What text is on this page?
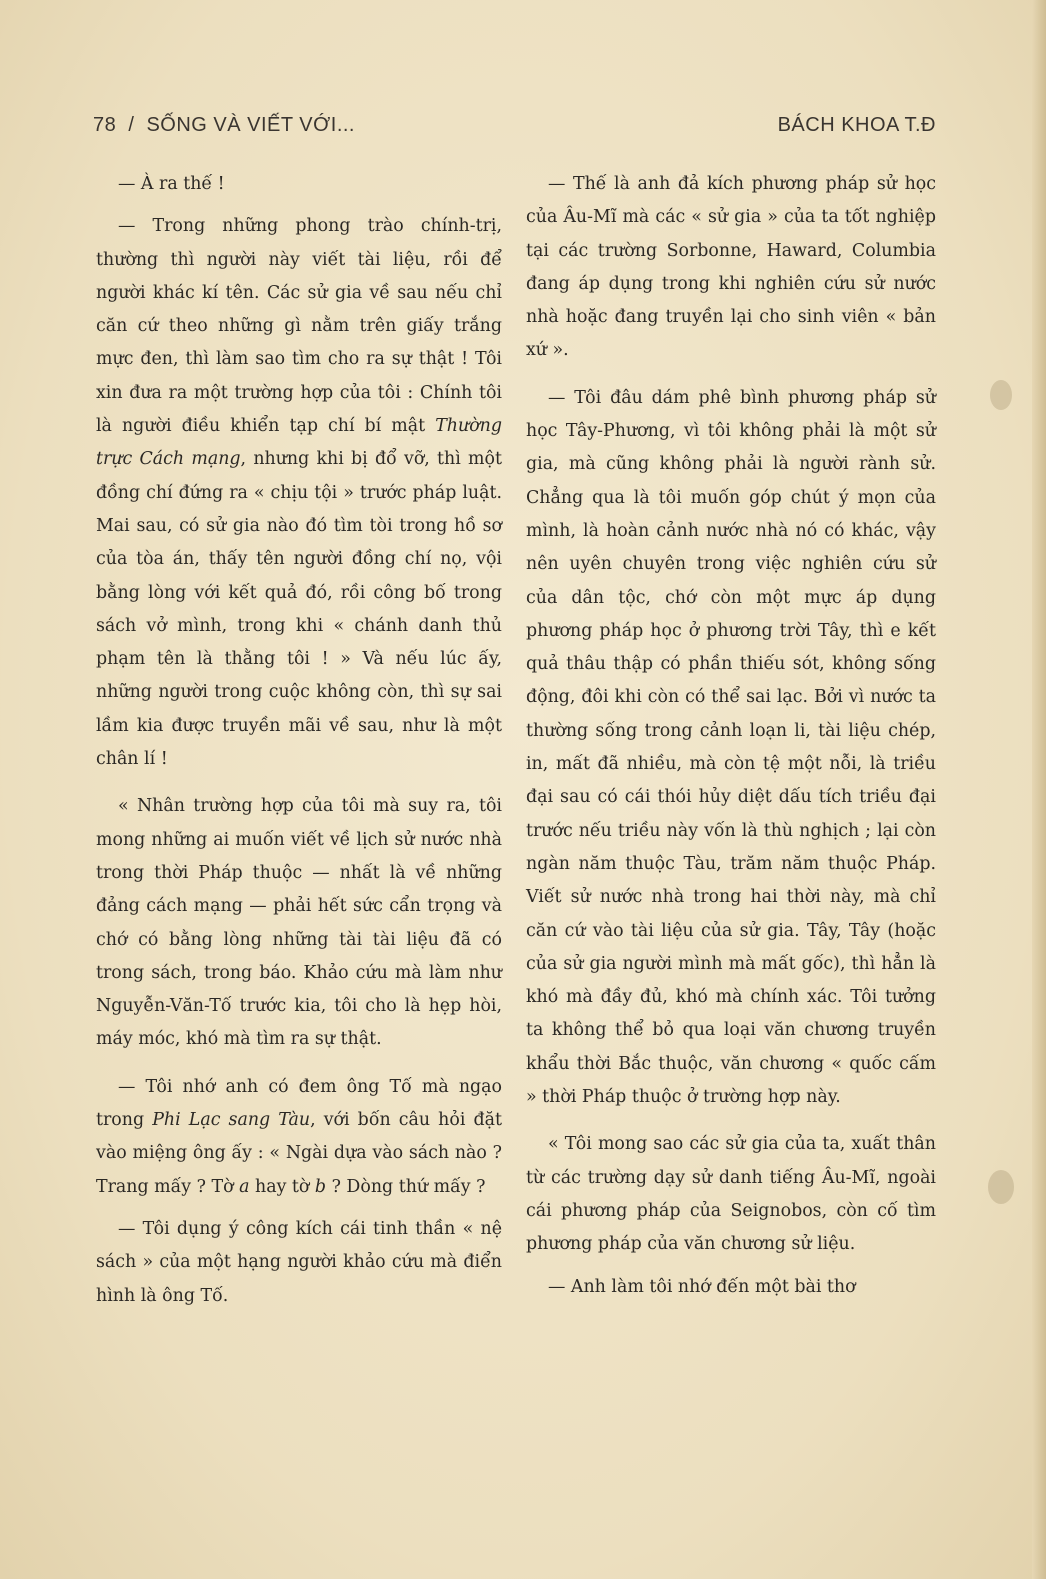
78 / SỐNG VÀ VIẾT VỚI...	BÁCH KHOA T.Đ

— À ra thế !

— Trong những phong trào chính-trị, thường thì người này viết tài liệu, rồi để người khác kí tên. Các sử gia về sau nếu chỉ căn cứ theo những gì nằm trên giấy trắng mực đen, thì làm sao tìm cho ra sự thật ! Tôi xin đưa ra một trường hợp của tôi : Chính tôi là người điều khiển tạp chí bí mật Thường trực Cách mạng, nhưng khi bị đổ vỡ, thì một đồng chí đứng ra « chịu tội » trước pháp luật. Mai sau, có sử gia nào đó tìm tòi trong hồ sơ của tòa án, thấy tên người đồng chí nọ, vội bằng lòng với kết quả đó, rồi công bố trong sách vở mình, trong khi « chánh danh thủ phạm tên là thằng tôi ! » Và nếu lúc ấy, những người trong cuộc không còn, thì sự sai lầm kia được truyền mãi về sau, như là một chân lí !

« Nhân trường hợp của tôi mà suy ra, tôi mong những ai muốn viết về lịch sử nước nhà trong thời Pháp thuộc — nhất là về những đảng cách mạng — phải hết sức cẩn trọng và chớ có bằng lòng những tài tài liệu đã có trong sách, trong báo. Khảo cứu mà làm như Nguyễn-Văn-Tố trước kia, tôi cho là hẹp hòi, máy móc, khó mà tìm ra sự thật.

— Tôi nhớ anh có đem ông Tố mà ngạo trong Phi Lạc sang Tàu, với bốn câu hỏi đặt vào miệng ông ấy : « Ngài dựa vào sách nào ? Trang mấy ? Tờ a hay tờ b ? Dòng thứ mấy ?

— Tôi dụng ý công kích cái tinh thần « nệ sách » của một hạng người khảo cứu mà điển hình là ông Tố.

— Thế là anh đả kích phương pháp sử học của Âu-Mĩ mà các « sử gia » của ta tốt nghiệp tại các trường Sorbonne, Haward, Columbia đang áp dụng trong khi nghiên cứu sử nước nhà hoặc đang truyền lại cho sinh viên « bản xứ ».

— Tôi đâu dám phê bình phương pháp sử học Tây-Phương, vì tôi không phải là một sử gia, mà cũng không phải là người rành sử. Chẳng qua là tôi muốn góp chút ý mọn của mình, là hoàn cảnh nước nhà nó có khác, vậy nên uyên chuyên trong việc nghiên cứu sử của dân tộc, chớ còn một mực áp dụng phương pháp học ở phương trời Tây, thì e kết quả thâu thập có phần thiếu sót, không sống động, đôi khi còn có thể sai lạc. Bởi vì nước ta thường sống trong cảnh loạn li, tài liệu chép, in, mất đã nhiều, mà còn tệ một nỗi, là triều đại sau có cái thói hủy diệt dấu tích triều đại trước nếu triều này vốn là thù nghịch ; lại còn ngàn năm thuộc Tàu, trăm năm thuộc Pháp. Viết sử nước nhà trong hai thời này, mà chỉ căn cứ vào tài liệu của sử gia. Tây, Tây (hoặc của sử gia người mình mà mất gốc), thì hẳn là khó mà đầy đủ, khó mà chính xác. Tôi tưởng ta không thể bỏ qua loại văn chương truyền khẩu thời Bắc thuộc, văn chương « quốc cấm » thời Pháp thuộc ở trường hợp này.

« Tôi mong sao các sử gia của ta, xuất thân từ các trường dạy sử danh tiếng Âu-Mĩ, ngoài cái phương pháp của Seignobos, còn cố tìm phương pháp của văn chương sử liệu.

— Anh làm tôi nhớ đến một bài thơ
